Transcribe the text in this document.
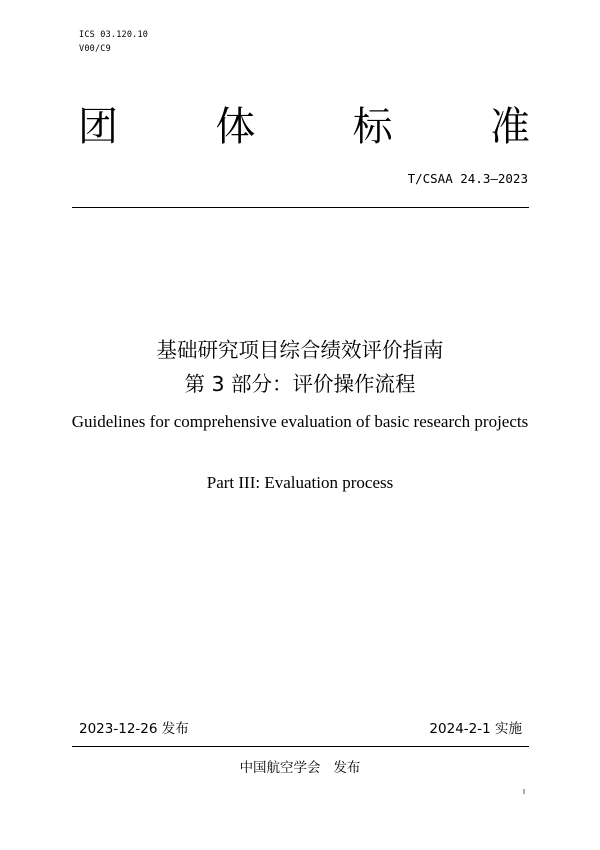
ICS 03.120.10
V00/C9
团 体 标 准
T/CSAA 24.3—2023
基础研究项目综合绩效评价指南
第 3 部分：评价操作流程
Guidelines for comprehensive evaluation of basic research projects
Part III: Evaluation process
2023-12-26 发布	2024-2-1 实施
中国航空学会   发布
I
